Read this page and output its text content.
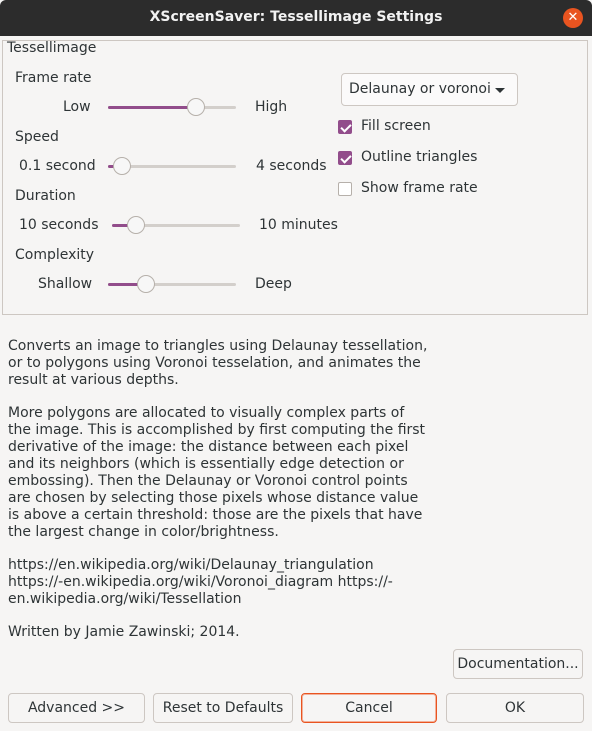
XScreenSaver: Tessellimage Settings	✕
Tessellimage
Frame rate
Low	High
Speed
0.1 second	4 seconds
Duration
10 seconds	10 minutes
Complexity
Shallow	Deep
Delaunay or voronoi
Fill screen
Outline triangles
Show frame rate

Converts an image to triangles using Delaunay tessellation, or to polygons using Voronoi tesselation, and animates the result at various depths.

More polygons are allocated to visually complex parts of the image. This is accomplished by first computing the first derivative of the image: the distance between each pixel and its neighbors (which is essentially edge detection or embossing). Then the Delaunay or Voronoi control points are chosen by selecting those pixels whose distance value is above a certain threshold: those are the pixels that have the largest change in color/brightness.

https://en.wikipedia.org/wiki/Delaunay_triangulation https://-en.wikipedia.org/wiki/Voronoi_diagram https://-en.wikipedia.org/wiki/Tessellation

Written by Jamie Zawinski; 2014.

Documentation...
Advanced >>	Reset to Defaults	Cancel	OK
